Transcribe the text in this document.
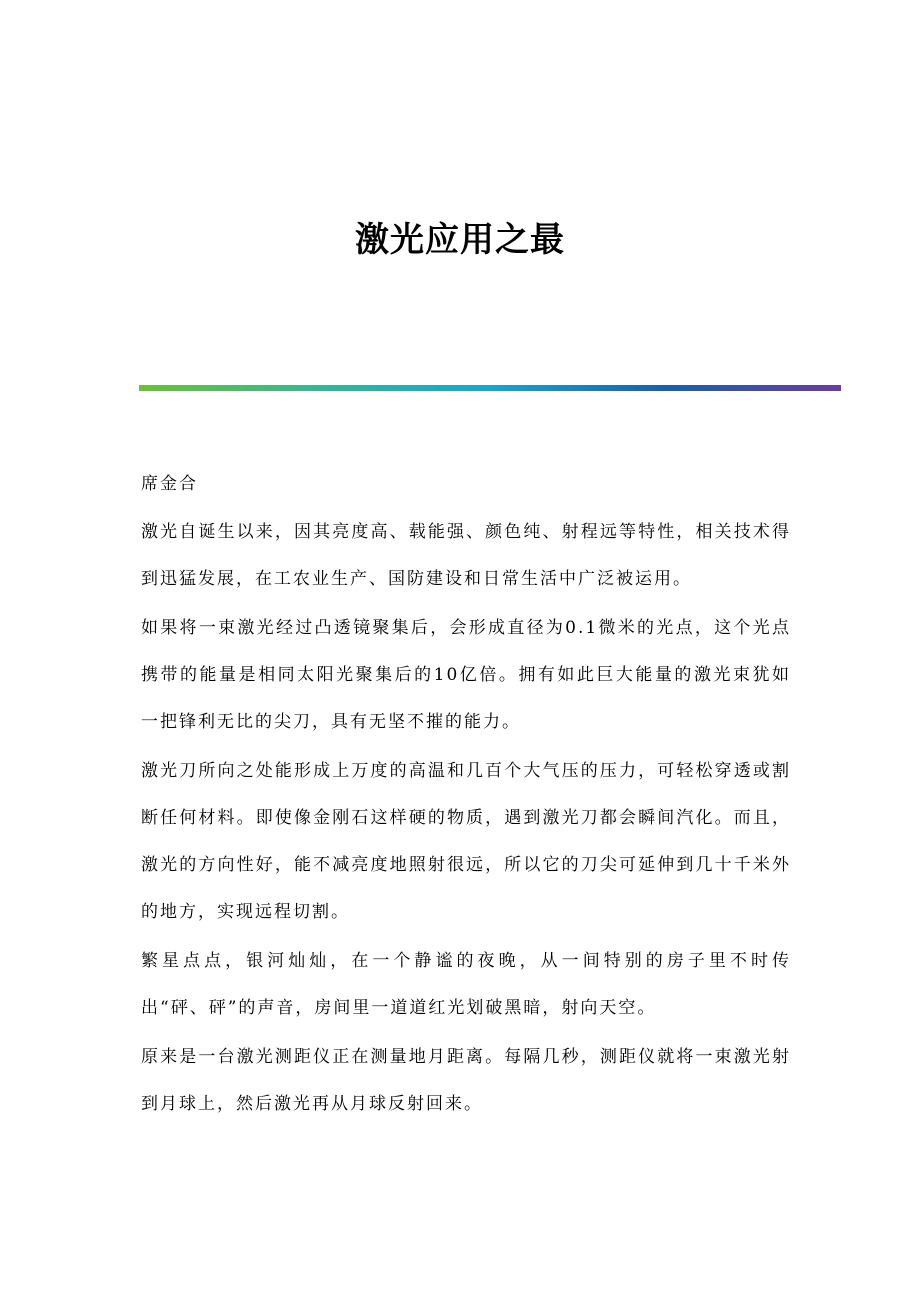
激光应用之最

席金合

激光自诞生以来，因其亮度高、载能强、颜色纯、射程远等特性，相关技术得到迅猛发展，在工农业生产、国防建设和日常生活中广泛被运用。

如果将一束激光经过凸透镜聚集后，会形成直径为0.1微米的光点，这个光点携带的能量是相同太阳光聚集后的10亿倍。拥有如此巨大能量的激光束犹如一把锋利无比的尖刀，具有无坚不摧的能力。

激光刀所向之处能形成上万度的高温和几百个大气压的压力，可轻松穿透或割断任何材料。即使像金刚石这样硬的物质，遇到激光刀都会瞬间汽化。而且，激光的方向性好，能不减亮度地照射很远，所以它的刀尖可延伸到几十千米外的地方，实现远程切割。

繁星点点，银河灿灿，在一个静谧的夜晚，从一间特别的房子里不时传出“砰、砰”的声音，房间里一道道红光划破黑暗，射向天空。

原来是一台激光测距仪正在测量地月距离。每隔几秒，测距仪就将一束激光射到月球上，然后激光再从月球反射回来。
